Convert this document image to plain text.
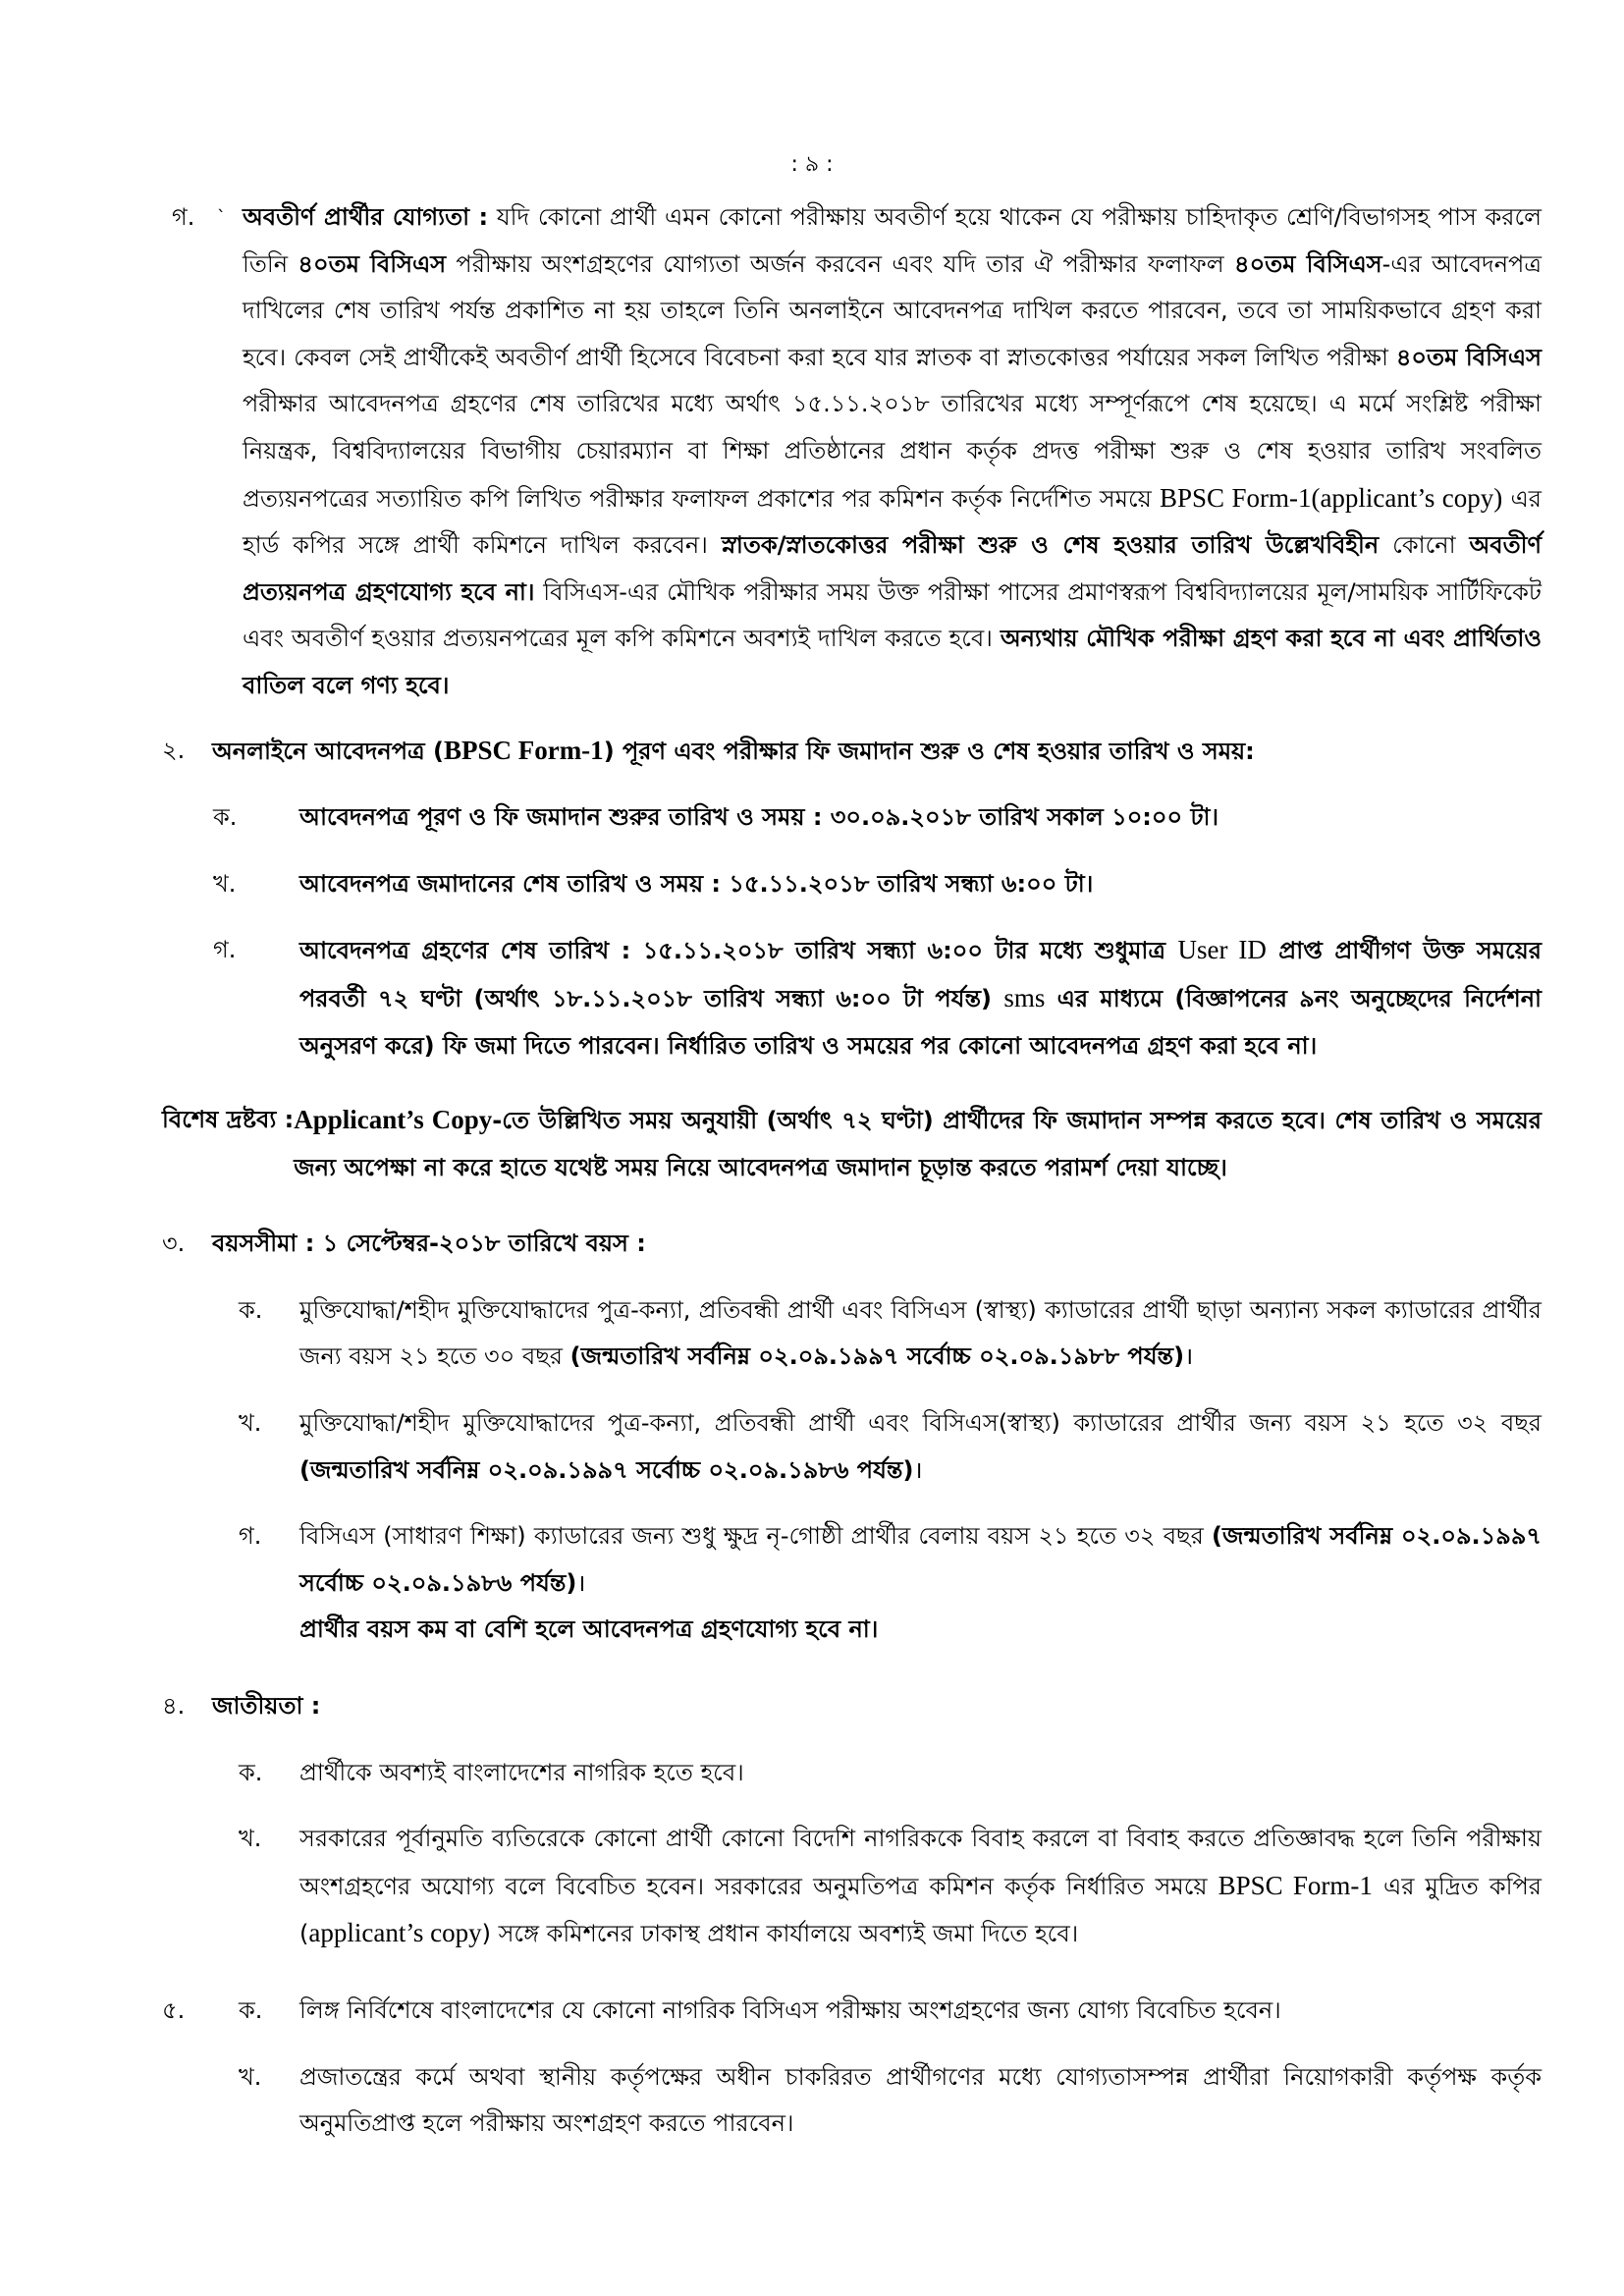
: ৯ :
গ.	` অবতীর্ণ প্রার্থীর যোগ্যতা : যদি কোনো প্রার্থী এমন কোনো পরীক্ষায় অবতীর্ণ হয়ে থাকেন যে পরীক্ষায় চাহিদাকৃত শ্রেণি/বিভাগসহ পাস করলে তিনি ৪০তম বিসিএস পরীক্ষায় অংশগ্রহণের যোগ্যতা অর্জন করবেন এবং যদি তার ঐ পরীক্ষার ফলাফল ৪০তম বিসিএস-এর আবেদনপত্র দাখিলের শেষ তারিখ পর্যন্ত প্রকাশিত না হয় তাহলে তিনি অনলাইনে আবেদনপত্র দাখিল করতে পারবেন, তবে তা সাময়িকভাবে গ্রহণ করা হবে। কেবল সেই প্রার্থীকেই অবতীর্ণ প্রার্থী হিসেবে বিবেচনা করা হবে যার স্নাতক বা স্নাতকোত্তর পর্যায়ের সকল লিখিত পরীক্ষা ৪০তম বিসিএস পরীক্ষার আবেদনপত্র গ্রহণের শেষ তারিখের মধ্যে অর্থাৎ ১৫.১১.২০১৮ তারিখের মধ্যে সম্পূর্ণরূপে শেষ হয়েছে। এ মর্মে সংশ্লিষ্ট পরীক্ষা নিয়ন্ত্রক, বিশ্ববিদ্যালয়ের বিভাগীয় চেয়ারম্যান বা শিক্ষা প্রতিষ্ঠানের প্রধান কর্তৃক প্রদত্ত পরীক্ষা শুরু ও শেষ হওয়ার তারিখ সংবলিত প্রত্যয়নপত্রের সত্যায়িত কপি লিখিত পরীক্ষার ফলাফল প্রকাশের পর কমিশন কর্তৃক নির্দেশিত সময়ে BPSC Form-1(applicant’s copy) এর হার্ড কপির সঙ্গে প্রার্থী কমিশনে দাখিল করবেন। স্নাতক/স্নাতকোত্তর পরীক্ষা শুরু ও শেষ হওয়ার তারিখ উল্লেখবিহীন কোনো অবতীর্ণ প্রত্যয়নপত্র গ্রহণযোগ্য হবে না। বিসিএস-এর মৌখিক পরীক্ষার সময় উক্ত পরীক্ষা পাসের প্রমাণস্বরূপ বিশ্ববিদ্যালয়ের মূল/সাময়িক সার্টিফিকেট এবং অবতীর্ণ হওয়ার প্রত্যয়নপত্রের মূল কপি কমিশনে অবশ্যই দাখিল করতে হবে। অন্যথায় মৌখিক পরীক্ষা গ্রহণ করা হবে না এবং প্রার্থিতাও বাতিল বলে গণ্য হবে।
২.	অনলাইনে আবেদনপত্র (BPSC Form-1) পূরণ এবং পরীক্ষার ফি জমাদান শুরু ও শেষ হওয়ার তারিখ ও সময়:
ক.	আবেদনপত্র পূরণ ও ফি জমাদান শুরুর তারিখ ও সময় : ৩০.০৯.২০১৮ তারিখ সকাল ১০:০০ টা।
খ.	আবেদনপত্র জমাদানের শেষ তারিখ ও সময় : ১৫.১১.২০১৮ তারিখ সন্ধ্যা ৬:০০ টা।
গ.	আবেদনপত্র গ্রহণের শেষ তারিখ : ১৫.১১.২০১৮ তারিখ সন্ধ্যা ৬:০০ টার মধ্যে শুধুমাত্র User ID প্রাপ্ত প্রার্থীগণ উক্ত সময়ের পরবর্তী ৭২ ঘণ্টা (অর্থাৎ ১৮.১১.২০১৮ তারিখ সন্ধ্যা ৬:০০ টা পর্যন্ত) sms এর মাধ্যমে (বিজ্ঞাপনের ৯নং অনুচ্ছেদের নির্দেশনা অনুসরণ করে) ফি জমা দিতে পারবেন। নির্ধারিত তারিখ ও সময়ের পর কোনো আবেদনপত্র গ্রহণ করা হবে না।
বিশেষ দ্রষ্টব্য : Applicant’s Copy-তে উল্লিখিত সময় অনুযায়ী (অর্থাৎ ৭২ ঘণ্টা) প্রার্থীদের ফি জমাদান সম্পন্ন করতে হবে। শেষ তারিখ ও সময়ের জন্য অপেক্ষা না করে হাতে যথেষ্ট সময় নিয়ে আবেদনপত্র জমাদান চূড়ান্ত করতে পরামর্শ দেয়া যাচ্ছে।
৩.	বয়সসীমা : ১ সেপ্টেম্বর-২০১৮ তারিখে বয়স :
ক.	মুক্তিযোদ্ধা/শহীদ মুক্তিযোদ্ধাদের পুত্র-কন্যা, প্রতিবন্ধী প্রার্থী এবং বিসিএস (স্বাস্থ্য) ক্যাডারের প্রার্থী ছাড়া অন্যান্য সকল ক্যাডারের প্রার্থীর জন্য বয়স ২১ হতে ৩০ বছর (জন্মতারিখ সর্বনিম্ন ০২.০৯.১৯৯৭ সর্বোচ্চ ০২.০৯.১৯৮৮ পর্যন্ত)।
খ.	মুক্তিযোদ্ধা/শহীদ মুক্তিযোদ্ধাদের পুত্র-কন্যা, প্রতিবন্ধী প্রার্থী এবং বিসিএস(স্বাস্থ্য) ক্যাডারের প্রার্থীর জন্য বয়স ২১ হতে ৩২ বছর (জন্মতারিখ সর্বনিম্ন ০২.০৯.১৯৯৭ সর্বোচ্চ ০২.০৯.১৯৮৬ পর্যন্ত)।
গ.	বিসিএস (সাধারণ শিক্ষা) ক্যাডারের জন্য শুধু ক্ষুদ্র নৃ-গোষ্ঠী প্রার্থীর বেলায় বয়স ২১ হতে ৩২ বছর (জন্মতারিখ সর্বনিম্ন ০২.০৯.১৯৯৭ সর্বোচ্চ ০২.০৯.১৯৮৬ পর্যন্ত)।
প্রার্থীর বয়স কম বা বেশি হলে আবেদনপত্র গ্রহণযোগ্য হবে না।
৪.	জাতীয়তা :
ক.	প্রার্থীকে অবশ্যই বাংলাদেশের নাগরিক হতে হবে।
খ.	সরকারের পূর্বানুমতি ব্যতিরেকে কোনো প্রার্থী কোনো বিদেশি নাগরিককে বিবাহ করলে বা বিবাহ করতে প্রতিজ্ঞাবদ্ধ হলে তিনি পরীক্ষায় অংশগ্রহণের অযোগ্য বলে বিবেচিত হবেন। সরকারের অনুমতিপত্র কমিশন কর্তৃক নির্ধারিত সময়ে BPSC Form-1 এর মুদ্রিত কপির (applicant’s copy) সঙ্গে কমিশনের ঢাকাস্থ প্রধান কার্যালয়ে অবশ্যই জমা দিতে হবে।
৫.	ক.	লিঙ্গ নির্বিশেষে বাংলাদেশের যে কোনো নাগরিক বিসিএস পরীক্ষায় অংশগ্রহণের জন্য যোগ্য বিবেচিত হবেন।
খ.	প্রজাতন্ত্রের কর্মে অথবা স্থানীয় কর্তৃপক্ষের অধীন চাকরিরত প্রার্থীগণের মধ্যে যোগ্যতাসম্পন্ন প্রার্থীরা নিয়োগকারী কর্তৃপক্ষ কর্তৃক অনুমতিপ্রাপ্ত হলে পরীক্ষায় অংশগ্রহণ করতে পারবেন।
